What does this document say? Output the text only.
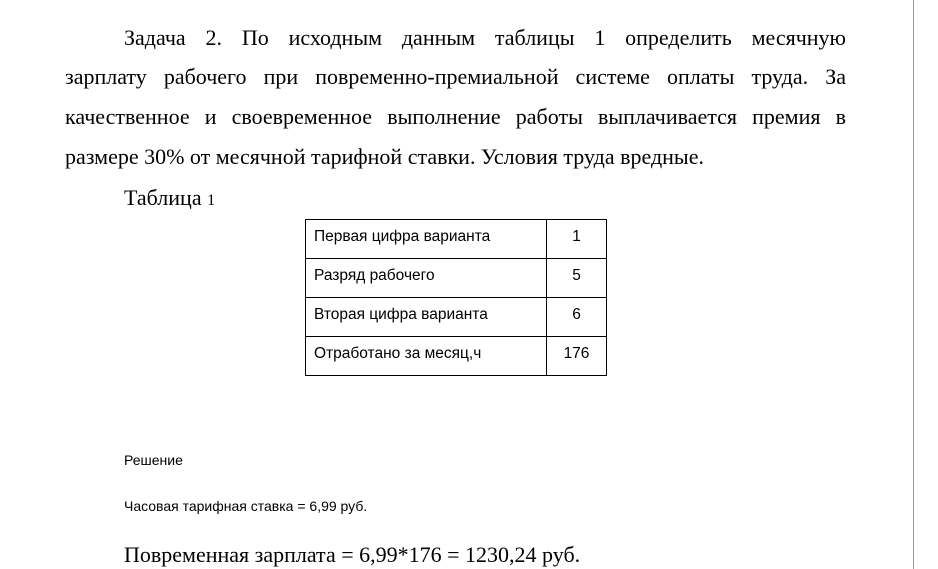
Задача 2. По исходным данным таблицы 1 определить месячную
зарплату рабочего при повременно-премиальной системе оплаты труда. За
качественное и своевременное выполнение работы выплачивается премия в
размере 30% от месячной тарифной ставки. Условия труда вредные.
Таблица 1
Первая цифра варианта	1
Разряд рабочего	5
Вторая цифра варианта	6
Отработано за месяц,ч	176
Решение
Часовая тарифная ставка = 6,99 руб.
Повременная зарплата = 6,99*176 = 1230,24 руб.
